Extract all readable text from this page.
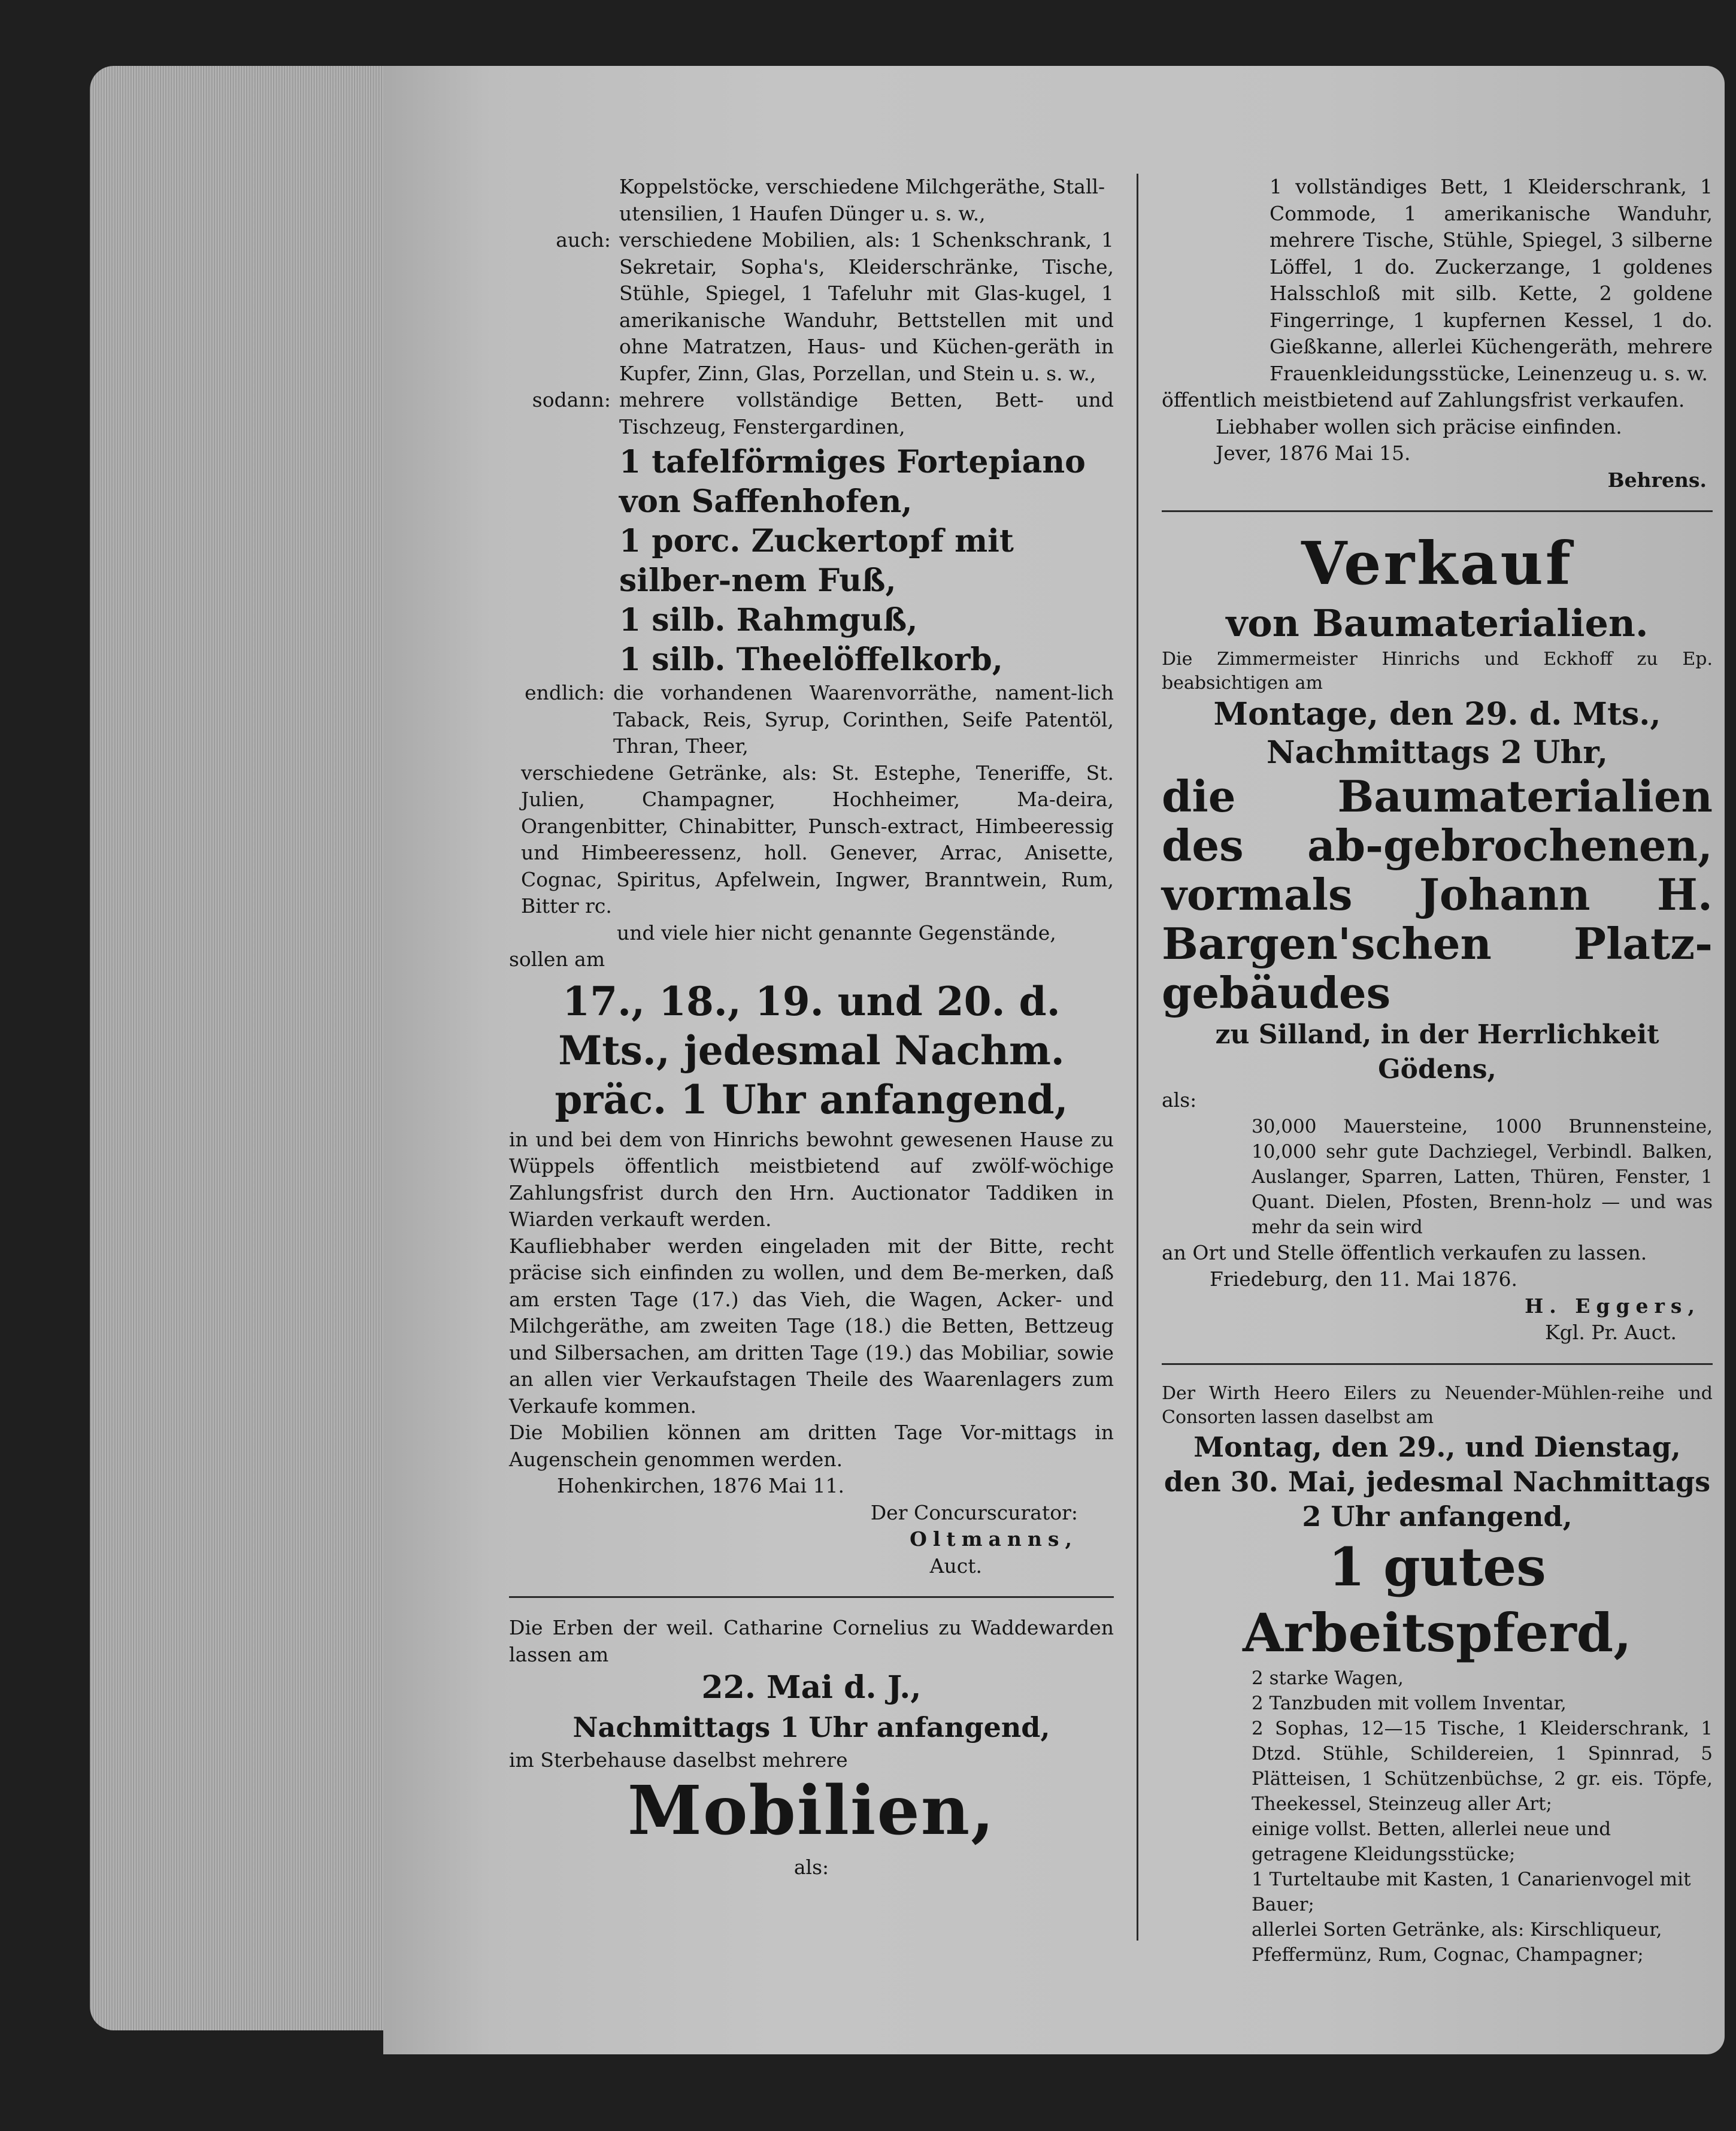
Koppelstöcke, verschiedene Milchgeräthe, Stall-

utensilien, 1 Haufen Dünger u. s. w.,

auch: verschiedene Mobilien, als: 1 Schenkschrank, 1 Sekretair, Sopha's, Kleiderschränke, Tische, Stühle, Spiegel, 1 Tafeluhr mit Glas-kugel, 1 amerikanische Wanduhr, Bettstellen mit und ohne Matratzen, Haus- und Küchen-geräth in Kupfer, Zinn, Glas, Porzellan, und Stein u. s. w.,
sodann: mehrere vollständige Betten, Bett- und Tischzeug, Fenstergardinen,

1 tafelförmiges Fortepiano von Saffenhofen,

1 porc. Zuckertopf mit silber-nem Fuß,

1 silb. Rahmguß,

1 silb. Theelöffelkorb,

endlich: die vorhandenen Waarenvorräthe, nament-lich Taback, Reis, Syrup, Corinthen, Seife Patentöl, Thran, Theer,

verschiedene Getränke, als: St. Estephe, Teneriffe, St. Julien, Champagner, Hochheimer, Ma-deira, Orangenbitter, Chinabitter, Punsch-extract, Himbeeressig und Himbeeressenz, holl. Genever, Arrac, Anisette, Cognac, Spiritus, Apfelwein, Ingwer, Branntwein, Rum, Bitter rc.

und viele hier nicht genannte Gegenstände,

sollen am

17., 18., 19. und 20. d. Mts., jedesmal Nachm. präc. 1 Uhr anfangend,

in und bei dem von Hinrichs bewohnt gewesenen Hause zu Wüppels öffentlich meistbietend auf zwölf-wöchige Zahlungsfrist durch den Hrn. Auctionator Taddiken in Wiarden verkauft werden.

Kaufliebhaber werden eingeladen mit der Bitte, recht präcise sich einfinden zu wollen, und dem Be-merken, daß am ersten Tage (17.) das Vieh, die Wagen, Acker- und Milchgeräthe, am zweiten Tage (18.) die Betten, Bettzeug und Silbersachen, am dritten Tage (19.) das Mobiliar, sowie an allen vier Verkaufstagen Theile des Waarenlagers zum Verkaufe kommen.

Die Mobilien können am dritten Tage Vor-mittags in Augenschein genommen werden.

Hohenkirchen, 1876 Mai 11.

Der Concurscurator:

Oltmanns,

Auct.

Die Erben der weil. Catharine Cornelius zu Waddewarden lassen am

22. Mai d. J.,

Nachmittags 1 Uhr anfangend,

im Sterbehause daselbst mehrere

Mobilien,

als:

1 vollständiges Bett, 1 Kleiderschrank, 1 Commode, 1 amerikanische Wanduhr, mehrere Tische, Stühle, Spiegel, 3 silberne Löffel, 1 do. Zuckerzange, 1 goldenes Halsschloß mit silb. Kette, 2 goldene Fingerringe, 1 kupfernen Kessel, 1 do. Gießkanne, allerlei Küchengeräth, mehrere Frauenkleidungsstücke, Leinenzeug u. s. w.

öffentlich meistbietend auf Zahlungsfrist verkaufen.

Liebhaber wollen sich präcise einfinden.

Jever, 1876 Mai 15.

Behrens.

Verkauf

von Baumaterialien.

Die Zimmermeister Hinrichs und Eckhoff zu Ep. beabsichtigen am

Montage, den 29. d. Mts.,

Nachmittags 2 Uhr,

die Baumaterialien des ab-gebrochenen, vormals Johann H. Bargen'schen Platz-gebäudes

zu Silland, in der Herrlichkeit Gödens,

als:

30,000 Mauersteine, 1000 Brunnensteine, 10,000 sehr gute Dachziegel, Verbindl. Balken, Auslanger, Sparren, Latten, Thüren, Fenster, 1 Quant. Dielen, Pfosten, Brenn-holz — und was mehr da sein wird

an Ort und Stelle öffentlich verkaufen zu lassen.

Friedeburg, den 11. Mai 1876.

H. Eggers,

Kgl. Pr. Auct.

Der Wirth Heero Eilers zu Neuender-Mühlen-reihe und Consorten lassen daselbst am

Montag, den 29., und Dienstag, den 30. Mai, jedesmal Nachmittags 2 Uhr anfangend,

1 gutes Arbeitspferd,

2 starke Wagen,

2 Tanzbuden mit vollem Inventar,

2 Sophas, 12—15 Tische, 1 Kleiderschrank, 1 Dtzd. Stühle, Schildereien, 1 Spinnrad, 5 Plätteisen, 1 Schützenbüchse, 2 gr. eis. Töpfe, Theekessel, Steinzeug aller Art;

einige vollst. Betten, allerlei neue und getragene Kleidungsstücke;

1 Turteltaube mit Kasten, 1 Canarienvogel mit Bauer;

allerlei Sorten Getränke, als: Kirschliqueur, Pfeffermünz, Rum, Cognac, Champagner;
